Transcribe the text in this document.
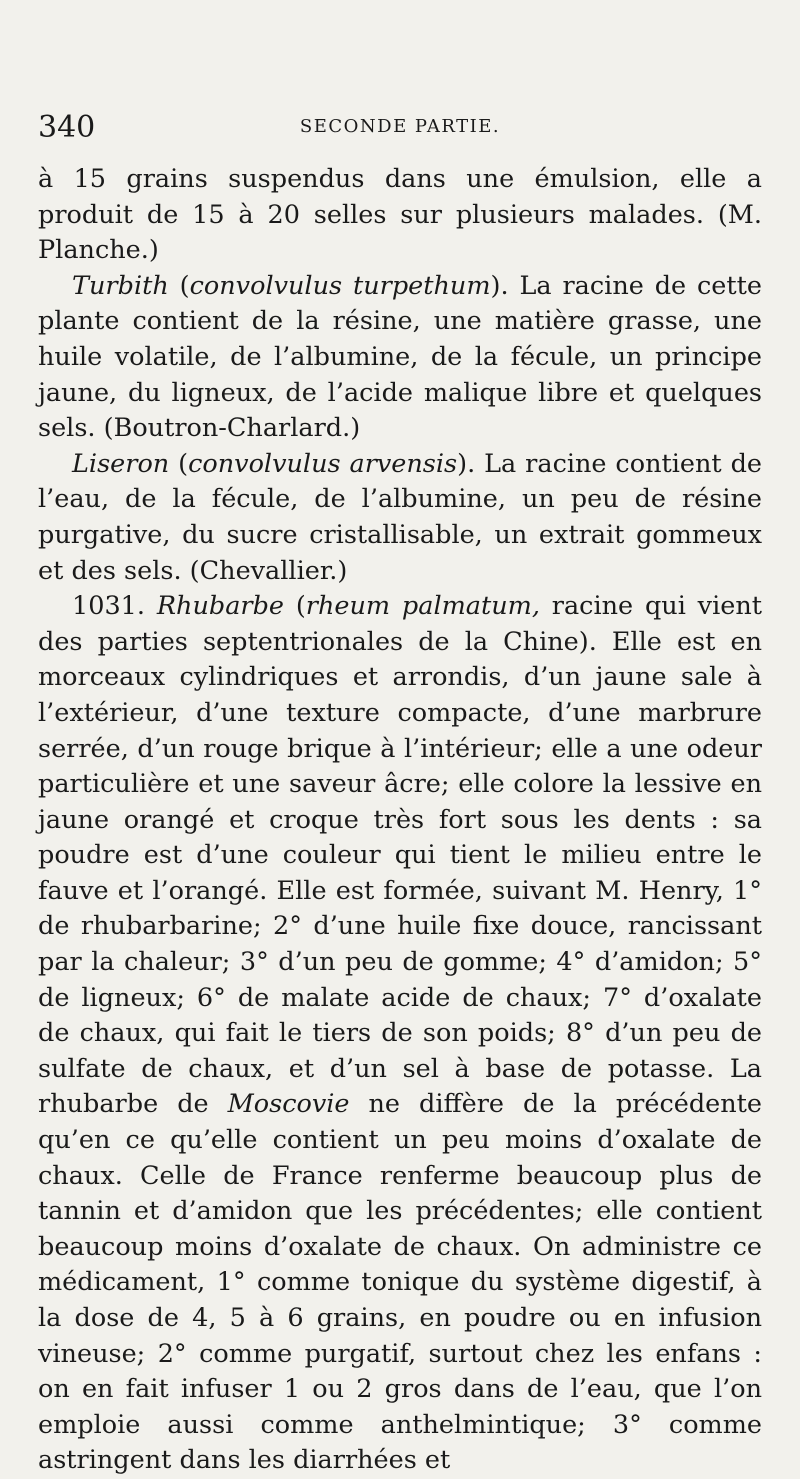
340	SECONDE PARTIE.

à 15 grains suspendus dans une émulsion, elle a produit de 15 à 20 selles sur plusieurs malades. (M. Planche.)

Turbith (convolvulus turpethum). La racine de cette plante contient de la résine, une matière grasse, une huile volatile, de l’albumine, de la fécule, un principe jaune, du ligneux, de l’acide malique libre et quelques sels. (Boutron-Charlard.)

Liseron (convolvulus arvensis). La racine contient de l’eau, de la fécule, de l’albumine, un peu de résine purgative, du sucre cristallisable, un extrait gommeux et des sels. (Chevallier.)

1031. Rhubarbe (rheum palmatum, racine qui vient des parties septentrionales de la Chine). Elle est en morceaux cylindriques et arrondis, d’un jaune sale à l’extérieur, d’une texture compacte, d’une marbrure serrée, d’un rouge brique à l’intérieur; elle a une odeur particulière et une saveur âcre; elle colore la lessive en jaune orangé et croque très fort sous les dents : sa poudre est d’une couleur qui tient le milieu entre le fauve et l’orangé. Elle est formée, suivant M. Henry, 1° de rhubarbarine; 2° d’une huile fixe douce, rancissant par la chaleur; 3° d’un peu de gomme; 4° d’amidon; 5° de ligneux; 6° de malate acide de chaux; 7° d’oxalate de chaux, qui fait le tiers de son poids; 8° d’un peu de sulfate de chaux, et d’un sel à base de potasse. La rhubarbe de Moscovie ne diffère de la précédente qu’en ce qu’elle contient un peu moins d’oxalate de chaux. Celle de France renferme beaucoup plus de tannin et d’amidon que les précédentes; elle contient beaucoup moins d’oxalate de chaux. On administre ce médicament, 1° comme tonique du système digestif, à la dose de 4, 5 à 6 grains, en poudre ou en infusion vineuse; 2° comme purgatif, surtout chez les enfans : on en fait infuser 1 ou 2 gros dans de l’eau, que l’on emploie aussi comme anthelmintique; 3° comme astringent dans les diarrhées et
